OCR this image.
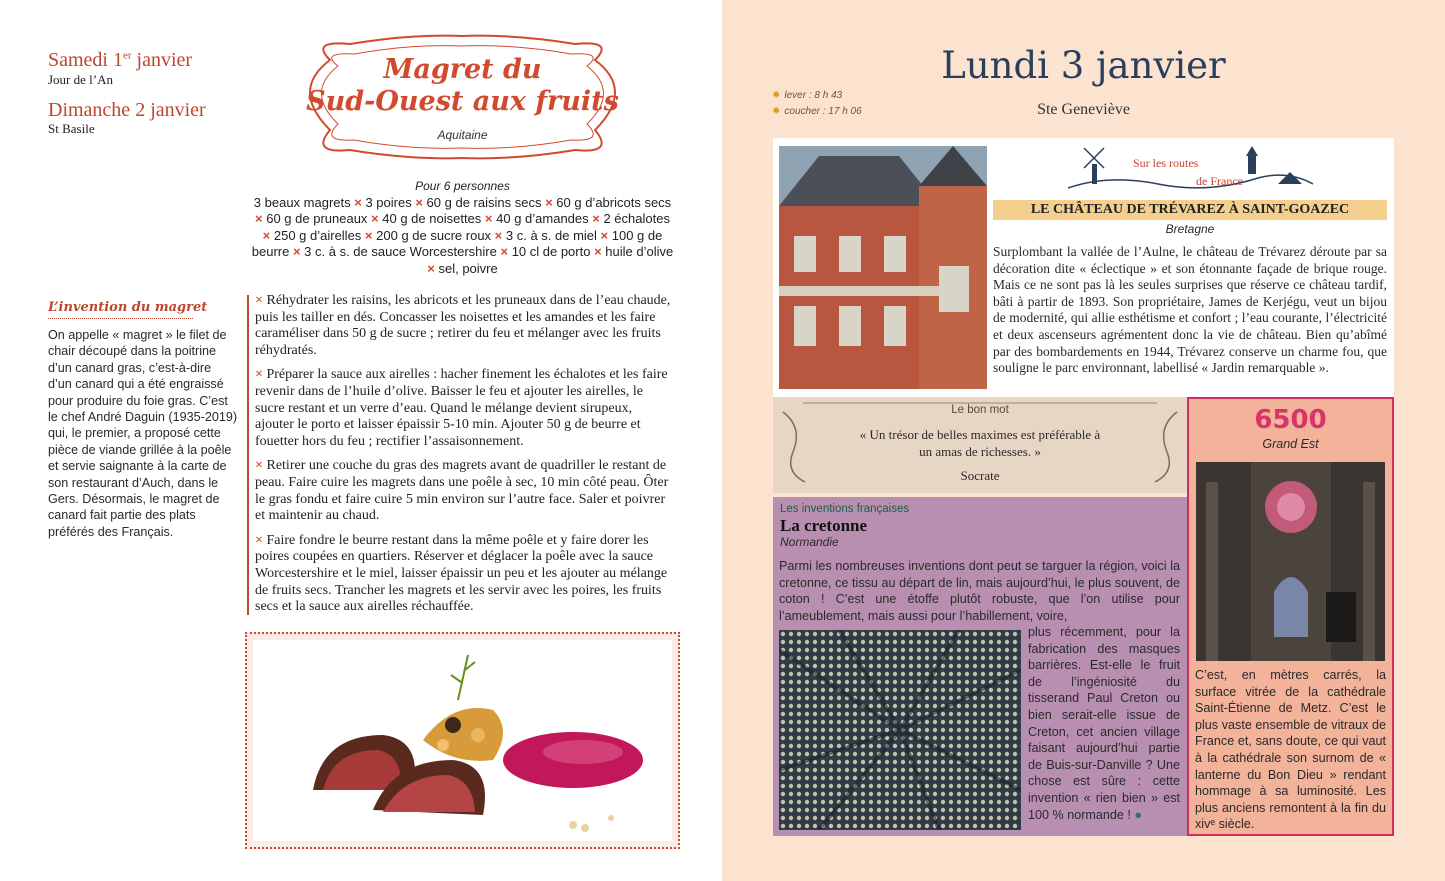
Samedi 1er janvier
Jour de l’An
Dimanche 2 janvier
St Basile
Magret du
Sud-Ouest aux fruits
Aquitaine
Pour 6 personnes
3 beaux magrets × 3 poires × 60 g de raisins secs × 60 g d’abricots secs × 60 g de pruneaux × 40 g de noisettes × 40 g d’amandes × 2 échalotes × 250 g d’airelles × 200 g de sucre roux × 3 c. à s. de miel × 100 g de beurre × 3 c. à s. de sauce Worcestershire × 10 cl de porto × huile d’olive × sel, poivre
L’invention du magret
On appelle « magret » le filet de chair découpé dans la poitrine d’un canard gras, c’est-à-dire d’un canard qui a été engraissé pour produire du foie gras. C’est le chef André Daguin (1935-2019) qui, le premier, a proposé cette pièce de viande grillée à la poêle et servie saignante à la carte de son restaurant d’Auch, dans le Gers. Désormais, le magret de canard fait partie des plats préférés des Français.

× Réhydrater les raisins, les abricots et les pruneaux dans de l’eau chaude, puis les tailler en dés. Concasser les noisettes et les amandes et les faire caraméliser dans 50 g de sucre ; retirer du feu et mélanger avec les fruits réhydratés.

× Préparer la sauce aux airelles : hacher finement les échalotes et les faire revenir dans de l’huile d’olive. Baisser le feu et ajouter les airelles, le sucre restant et un verre d’eau. Quand le mélange devient sirupeux, ajouter le porto et laisser épaissir 5-10 min. Ajouter 50 g de beurre et fouetter hors du feu ; rectifier l’assaisonnement.

× Retirer une couche du gras des magrets avant de quadriller le restant de peau. Faire cuire les magrets dans une poêle à sec, 10 min côté peau. Ôter le gras fondu et faire cuire 5 min environ sur l’autre face. Saler et poivrer et maintenir au chaud.

× Faire fondre le beurre restant dans la même poêle et y faire dorer les poires coupées en quartiers. Réserver et déglacer la poêle avec la sauce Worcestershire et le miel, laisser épaissir un peu et les ajouter au mélange de fruits secs. Trancher les magrets et les servir avec les poires, les fruits secs et la sauce aux airelles réchauffée.

✹ lever : 8 h 43
✹ coucher : 17 h 06
Lundi 3 janvier
Ste Geneviève
Sur les routes
de France
LE CHÂTEAU DE TRÉVAREZ À SAINT-GOAZEC
Bretagne
Surplombant la vallée de l’Aulne, le château de Trévarez déroute par sa décoration dite « éclectique » et son étonnante façade de brique rouge. Mais ce ne sont pas là les seules surprises que réserve ce château tardif, bâti à partir de 1893. Son propriétaire, James de Kerjégu, veut un bijou de modernité, qui allie esthétisme et confort ; l’eau courante, l’électricité et deux ascenseurs agrémentent donc la vie de château. Bien qu’abîmé par des bombardements en 1944, Trévarez conserve un charme fou, que souligne le parc environnant, labellisé « Jardin remarquable ».
Le bon mot
« Un trésor de belles maximes est préférable à un amas de richesses. »
Socrate
Les inventions françaises
La cretonne
Normandie
Parmi les nombreuses inventions dont peut se targuer la région, voici la cretonne, ce tissu au départ de lin, mais aujourd’hui, le plus souvent, de coton ! C’est une étoffe plutôt robuste, que l’on utilise pour l’ameublement, mais aussi pour l’habillement, voire,
plus récemment, pour la fabrication des masques barrières. Est-elle le fruit de l’ingéniosité du tisserand Paul Creton ou bien serait-elle issue de Creton, cet ancien village faisant aujourd’hui partie de Buis-sur-Danville ? Une chose est sûre : cette invention « rien bien » est 100 % normande ! ●
6500
Grand Est
C’est, en mètres carrés, la surface vitrée de la cathédrale Saint-Étienne de Metz. C’est le plus vaste ensemble de vitraux de France et, sans doute, ce qui vaut à la cathédrale son surnom de « lanterne du Bon Dieu » rendant hommage à sa luminosité. Les plus anciens remontent à la fin du xivᵉ siècle.
